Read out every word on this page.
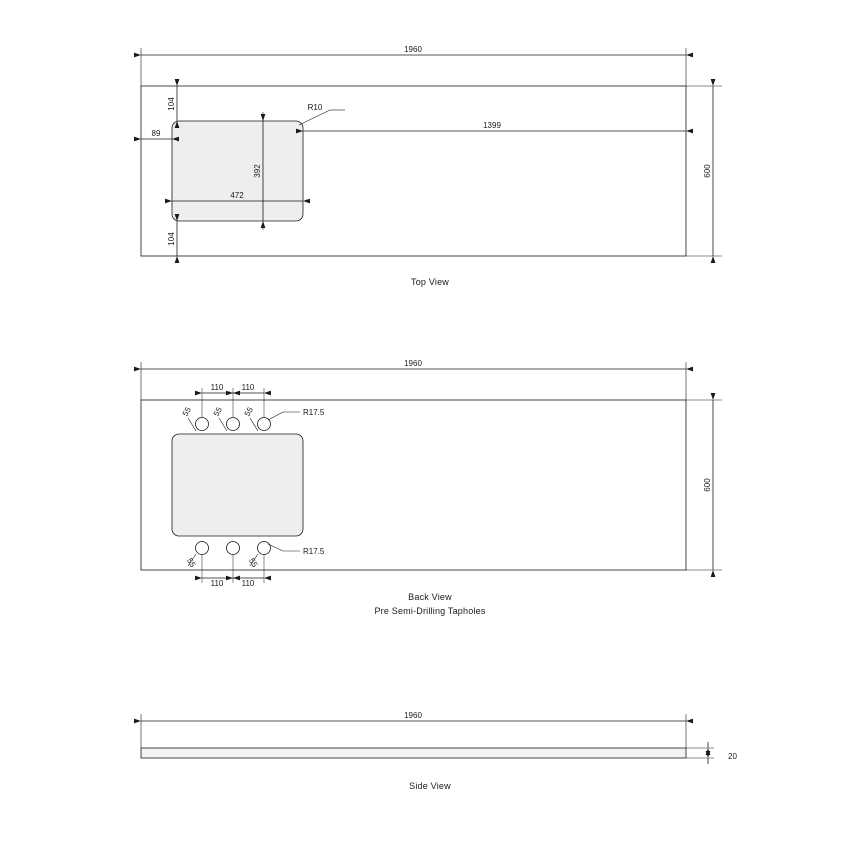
1960
600
1399
104
89
104
472
392
R10
1960
600
110 110
55 55 55	R17.5
110 110
55	55
R17.5
1960
20
Top View
Back View
Pre Semi-Drilling Tapholes
Side View
